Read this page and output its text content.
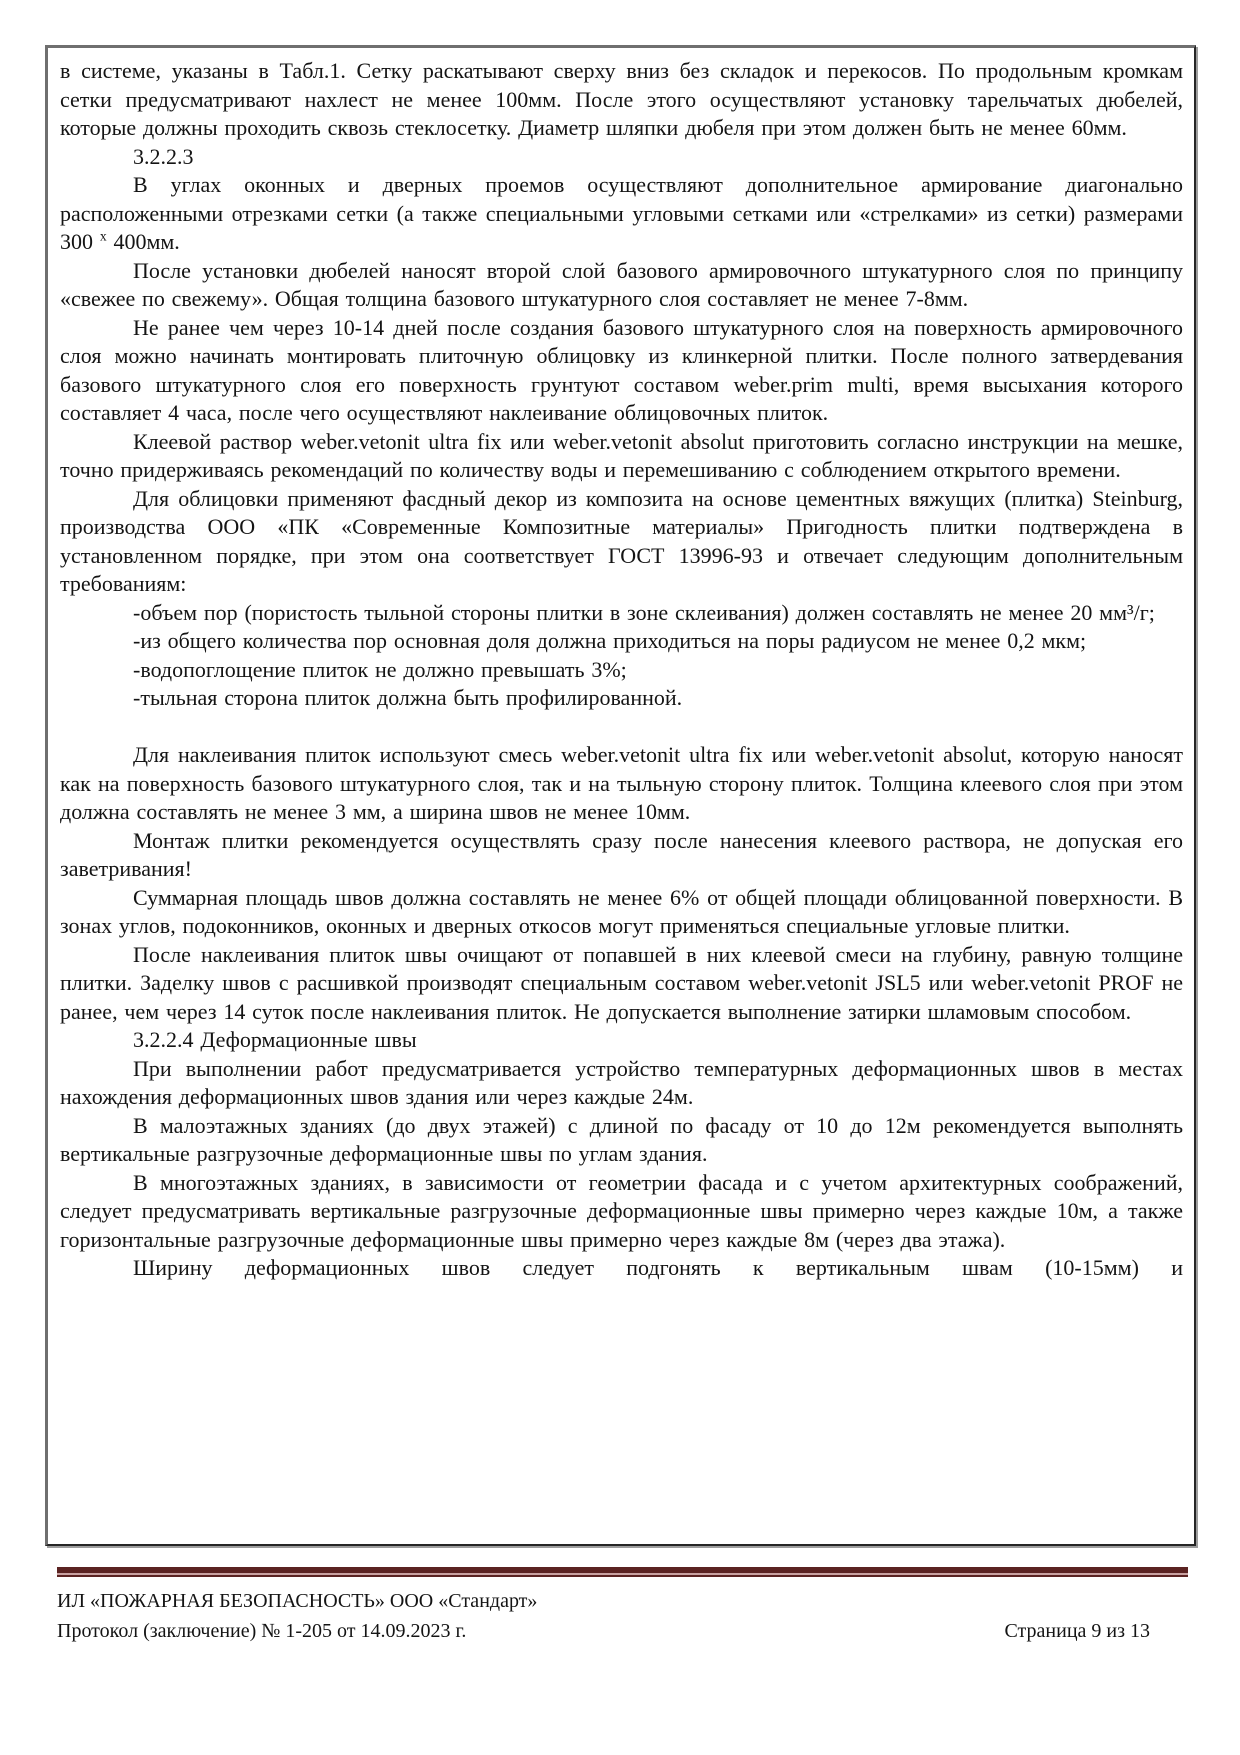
в системе, указаны в Табл.1. Сетку раскатывают сверху вниз без складок и перекосов. По продольным кромкам сетки предусматривают нахлест не менее 100мм. После этого осуществляют установку тарельчатых дюбелей, которые должны проходить сквозь стеклосетку. Диаметр шляпки дюбеля при этом должен быть не менее 60мм.

3.2.2.3

В углах оконных и дверных проемов осуществляют дополнительное армирование диагонально расположенными отрезками сетки (а также специальными угловыми сетками или «стрелками» из сетки) размерами 300 $^х$ 400мм.

После установки дюбелей наносят второй слой базового армировочного штукатурного слоя по принципу «свежее по свежему». Общая толщина базового штукатурного слоя составляет не менее 7-8мм.

Не ранее чем через 10-14 дней после создания базового штукатурного слоя на поверхность армировочного слоя можно начинать монтировать плиточную облицовку из клинкерной плитки. После полного затвердевания базового штукатурного слоя его поверхность грунтуют составом weber.prim multi, время высыхания которого составляет 4 часа, после чего осуществляют наклеивание облицовочных плиток.

Клеевой раствор weber.vetonit ultra fix или weber.vetonit absolut приготовить согласно инструкции на мешке, точно придерживаясь рекомендаций по количеству воды и перемешиванию с соблюдением открытого времени.

Для облицовки применяют фасдный декор из композита на основе цементных вяжущих (плитка) Steinburg, производства ООО «ПК «Современные Композитные материалы» Пригодность плитки подтверждена в установленном порядке, при этом она соответствует ГОСТ 13996-93 и отвечает следующим дополнительным требованиям:

-объем пор (пористость тыльной стороны плитки в зоне склеивания) должен составлять не менее 20 мм³/г;

-из общего количества пор основная доля должна приходиться на поры радиусом не менее 0,2 мкм;

-водопоглощение плиток не должно превышать 3%;

-тыльная сторона плиток должна быть профилированной.

Для наклеивания плиток используют смесь weber.vetonit ultra fix или weber.vetonit absolut, которую наносят как на поверхность базового штукатурного слоя, так и на тыльную сторону плиток. Толщина клеевого слоя при этом должна составлять не менее 3 мм, а ширина швов не менее 10мм.

Монтаж плитки рекомендуется осуществлять сразу после нанесения клеевого раствора, не допуская его заветривания!

Суммарная площадь швов должна составлять не менее 6% от общей площади облицованной поверхности. В зонах углов, подоконников, оконных и дверных откосов могут применяться специальные угловые плитки.

После наклеивания плиток швы очищают от попавшей в них клеевой смеси на глубину, равную толщине плитки. Заделку швов с расшивкой производят специальным составом weber.vetonit JSL5 или weber.vetonit PROF не ранее, чем через 14 суток после наклеивания плиток. Не допускается выполнение затирки шламовым способом.

3.2.2.4 Деформационные швы

При выполнении работ предусматривается устройство температурных деформационных швов в местах нахождения деформационных швов здания или через каждые 24м.

В малоэтажных зданиях (до двух этажей) с длиной по фасаду от 10 до 12м рекомендуется выполнять вертикальные разгрузочные деформационные швы по углам здания.

В многоэтажных зданиях, в зависимости от геометрии фасада и с учетом архитектурных соображений, следует предусматривать вертикальные разгрузочные деформационные швы примерно через каждые 10м, а также горизонтальные разгрузочные деформационные швы примерно через каждые 8м (через два этажа).

Ширину деформационных швов следует подгонять к вертикальным швам (10-15мм) и

ИЛ «ПОЖАРНАЯ БЕЗОПАСНОСТЬ» ООО «Стандарт»
Протокол (заключение) № 1-205 от 14.09.2023 г.	Страница 9 из 13
